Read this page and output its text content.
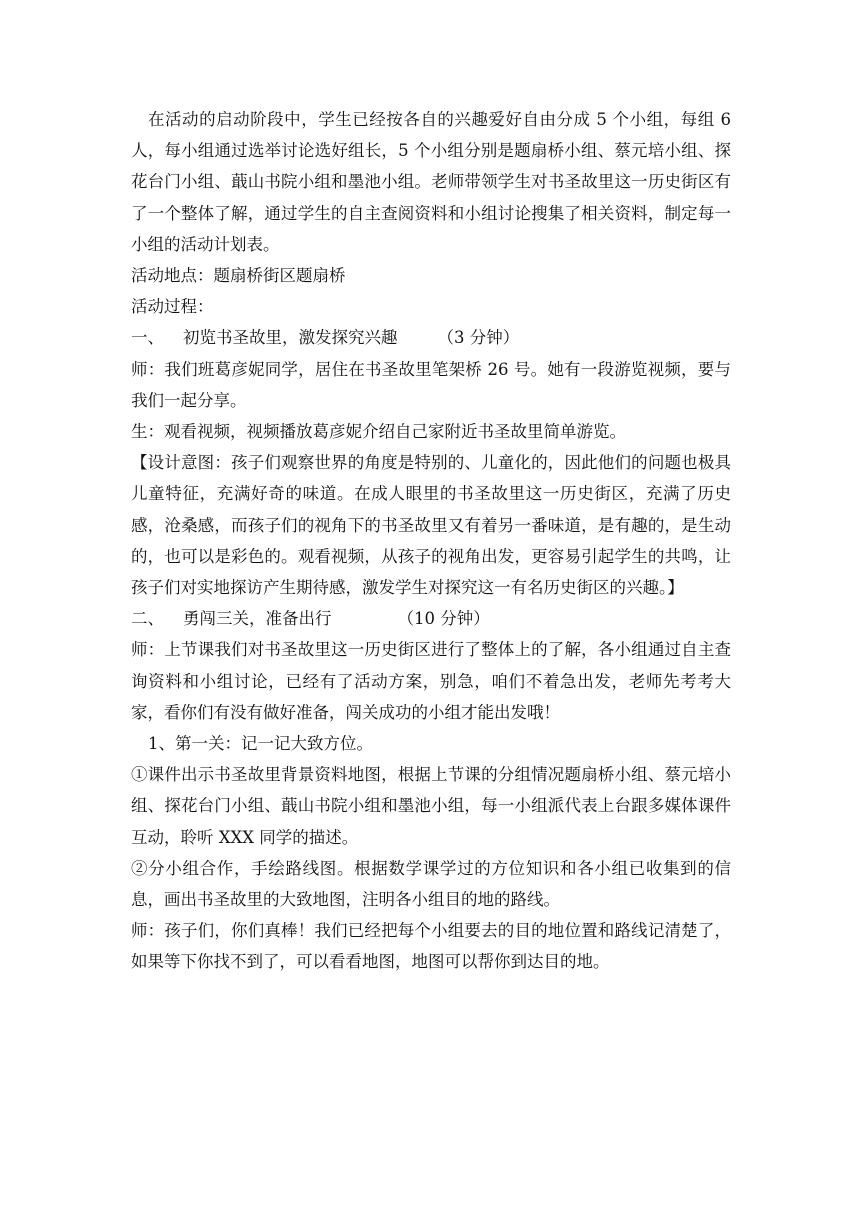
在活动的启动阶段中，学生已经按各自的兴趣爱好自由分成 5 个小组，每组 6 人，每小组通过选举讨论选好组长，5 个小组分别是题扇桥小组、蔡元培小组、探花台门小组、蕺山书院小组和墨池小组。老师带领学生对书圣故里这一历史街区有了一个整体了解，通过学生的自主查阅资料和小组讨论搜集了相关资料，制定每一小组的活动计划表。

活动地点：题扇桥街区题扇桥

活动过程：

一、 初览书圣故里，激发探究兴趣 （3 分钟）

师：我们班葛彦妮同学，居住在书圣故里笔架桥 26 号。她有一段游览视频，要与我们一起分享。

生：观看视频，视频播放葛彦妮介绍自己家附近书圣故里简单游览。

【设计意图：孩子们观察世界的角度是特别的、儿童化的，因此他们的问题也极具儿童特征，充满好奇的味道。在成人眼里的书圣故里这一历史街区，充满了历史感，沧桑感，而孩子们的视角下的书圣故里又有着另一番味道，是有趣的，是生动的，也可以是彩色的。观看视频，从孩子的视角出发，更容易引起学生的共鸣，让孩子们对实地探访产生期待感，激发学生对探究这一有名历史街区的兴趣。】

二、 勇闯三关，准备出行	（10 分钟）

师：上节课我们对书圣故里这一历史街区进行了整体上的了解，各小组通过自主查询资料和小组讨论，已经有了活动方案，别急，咱们不着急出发，老师先考考大家，看你们有没有做好准备，闯关成功的小组才能出发哦！

1、第一关：记一记大致方位。

①课件出示书圣故里背景资料地图，根据上节课的分组情况题扇桥小组、蔡元培小组、探花台门小组、蕺山书院小组和墨池小组，每一小组派代表上台跟多媒体课件互动，聆听 XXX 同学的描述。

②分小组合作，手绘路线图。根据数学课学过的方位知识和各小组已收集到的信息，画出书圣故里的大致地图，注明各小组目的地的路线。

师：孩子们，你们真棒！我们已经把每个小组要去的目的地位置和路线记清楚了，如果等下你找不到了，可以看看地图，地图可以帮你到达目的地。
